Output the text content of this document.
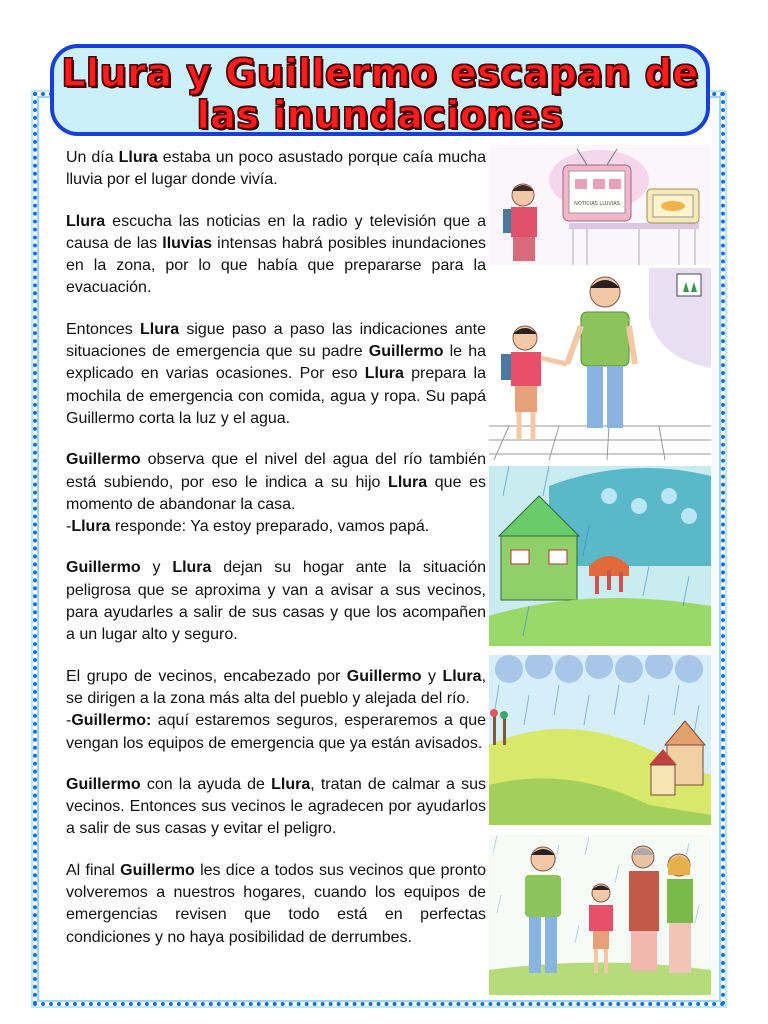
Llura y Guillermo escapan de
las inundaciones

Un día Llura estaba un poco asustado porque caía mucha lluvia por el lugar donde vivía.

Llura escucha las noticias en la radio y televisión que a causa de las lluvias intensas habrá posibles inundaciones en la zona, por lo que había que prepararse para la evacuación.

Entonces Llura sigue paso a paso las indicaciones ante situaciones de emergencia que su padre Guillermo le ha explicado en varias ocasiones. Por eso Llura prepara la mochila de emergencia con comida, agua y ropa. Su papá Guillermo corta la luz y el agua.

Guillermo observa que el nivel del agua del río también está subiendo, por eso le indica a su hijo Llura que es momento de abandonar la casa.
-Llura responde: Ya estoy preparado, vamos papá.

Guillermo y Llura dejan su hogar ante la situación peligrosa que se aproxima y van a avisar a sus vecinos, para ayudarles a salir de sus casas y que los acompañen a un lugar alto y seguro.

El grupo de vecinos, encabezado por Guillermo y Llura, se dirigen a la zona más alta del pueblo y alejada del río.
-Guillermo: aquí estaremos seguros, esperaremos a que vengan los equipos de emergencia que ya están avisados.

Guillermo con la ayuda de Llura, tratan de calmar a sus vecinos. Entonces sus vecinos le agradecen por ayudarlos a salir de sus casas y evitar el peligro.

Al final Guillermo les dice a todos sus vecinos que pronto volveremos a nuestros hogares, cuando los equipos de emergencias revisen que todo está en perfectas condiciones y no haya posibilidad de derrumbes.

NOTICIAS LLUVIAS
